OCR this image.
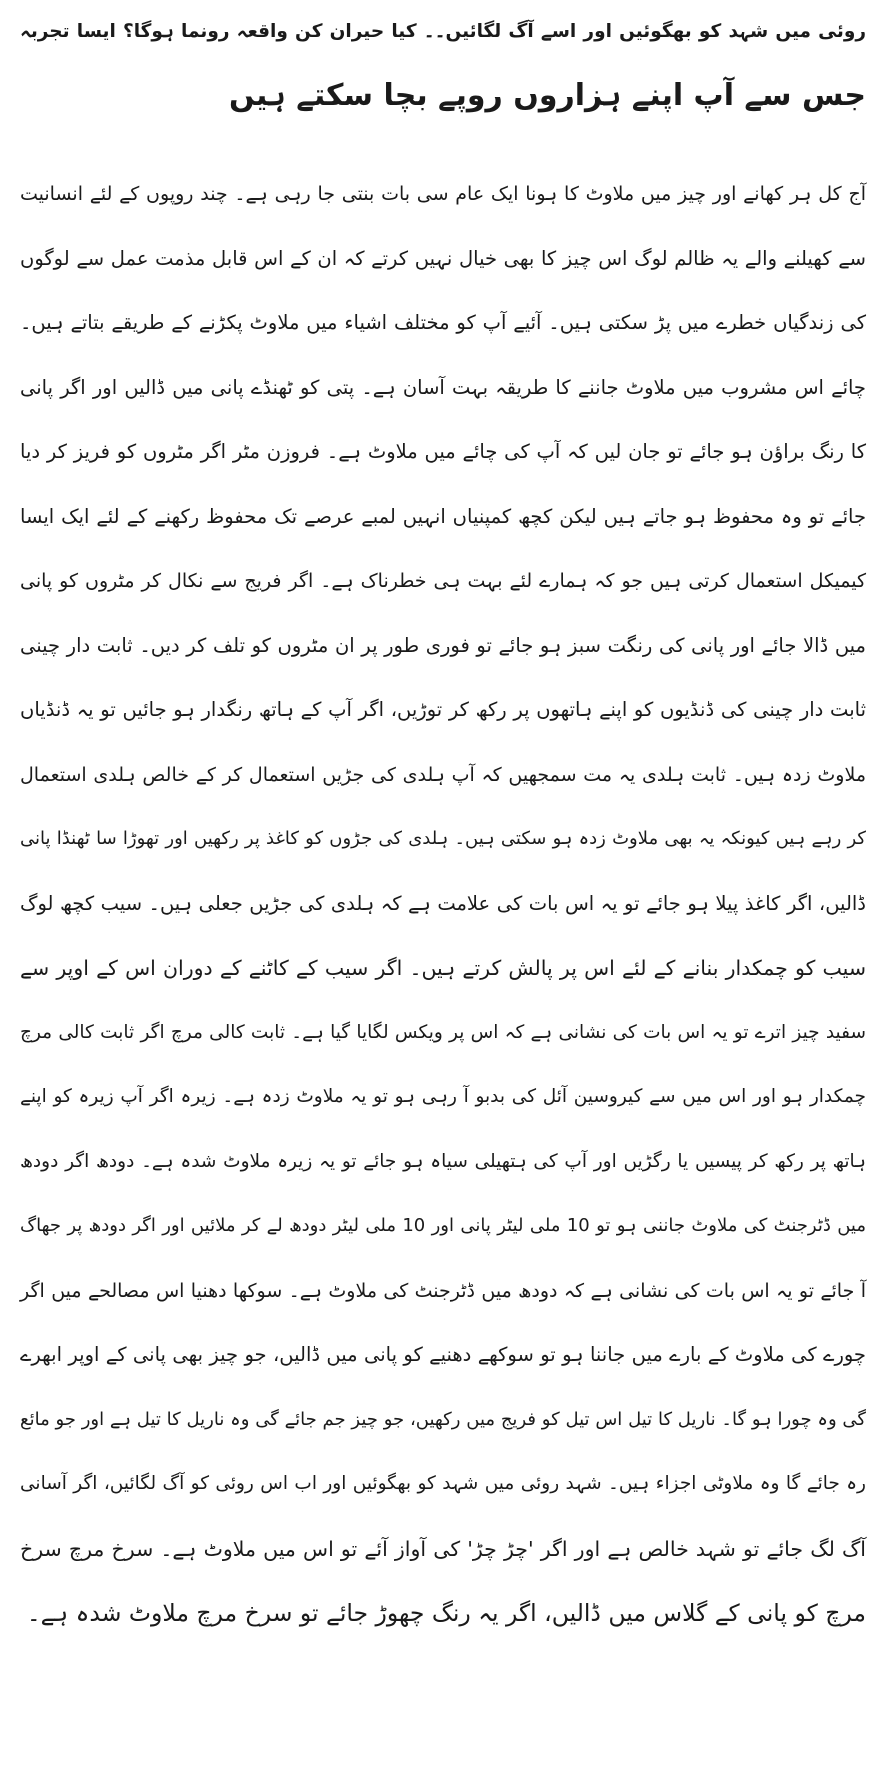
روئی میں شہد کو بھگوئیں اور اسے آگ لگائیں۔۔ کیا حیران کن واقعہ رونما ہوگا؟ ایسا تجربہ
جس سے آپ اپنے ہزاروں روپے بچا سکتے ہیں
آج کل ہر کھانے اور چیز میں ملاوٹ کا ہونا ایک عام سی بات بنتی جا رہی ہے۔ چند روپوں کے لئے انسانیت
سے کھیلنے والے یہ ظالم لوگ اس چیز کا بھی خیال نہیں کرتے کہ ان کے اس قابل مذمت عمل سے لوگوں
کی زندگیاں خطرے میں پڑ سکتی ہیں۔ آئیے آپ کو مختلف اشیاء میں ملاوٹ پکڑنے کے طریقے بتاتے ہیں۔
چائے اس مشروب میں ملاوٹ جاننے کا طریقہ بہت آسان ہے۔ پتی کو ٹھنڈے پانی میں ڈالیں اور اگر پانی
کا رنگ براؤن ہو جائے تو جان لیں کہ آپ کی چائے میں ملاوٹ ہے۔ فروزن مٹر اگر مٹروں کو فریز کر دیا
جائے تو وہ محفوظ ہو جاتے ہیں لیکن کچھ کمپنیاں انہیں لمبے عرصے تک محفوظ رکھنے کے لئے ایک ایسا
کیمیکل استعمال کرتی ہیں جو کہ ہمارے لئے بہت ہی خطرناک ہے۔ اگر فریج سے نکال کر مٹروں کو پانی
میں ڈالا جائے اور پانی کی رنگت سبز ہو جائے تو فوری طور پر ان مٹروں کو تلف کر دیں۔ ثابت دار چینی
ثابت دار چینی کی ڈنڈیوں کو اپنے ہاتھوں پر رکھ کر توڑیں، اگر آپ کے ہاتھ رنگدار ہو جائیں تو یہ ڈنڈیاں
ملاوٹ زدہ ہیں۔ ثابت ہلدی یہ مت سمجھیں کہ آپ ہلدی کی جڑیں استعمال کر کے خالص ہلدی استعمال
کر رہے ہیں کیونکہ یہ بھی ملاوٹ زدہ ہو سکتی ہیں۔ ہلدی کی جڑوں کو کاغذ پر رکھیں اور تھوڑا سا ٹھنڈا پانی
ڈالیں، اگر کاغذ پیلا ہو جائے تو یہ اس بات کی علامت ہے کہ ہلدی کی جڑیں جعلی ہیں۔ سیب کچھ لوگ
سیب کو چمکدار بنانے کے لئے اس پر پالش کرتے ہیں۔ اگر سیب کے کاٹنے کے دوران اس کے اوپر سے
سفید چیز اترے تو یہ اس بات کی نشانی ہے کہ اس پر ویکس لگایا گیا ہے۔ ثابت کالی مرچ اگر ثابت کالی مرچ
چمکدار ہو اور اس میں سے کیروسین آئل کی بدبو آ رہی ہو تو یہ ملاوٹ زدہ ہے۔ زیرہ اگر آپ زیرہ کو اپنے
ہاتھ پر رکھ کر پیسیں یا رگڑیں اور آپ کی ہتھیلی سیاہ ہو جائے تو یہ زیرہ ملاوٹ شدہ ہے۔ دودھ اگر دودھ
میں ڈٹرجنٹ کی ملاوٹ جاننی ہو تو 10 ملی لیٹر پانی اور 10 ملی لیٹر دودھ لے کر ملائیں اور اگر دودھ پر جھاگ
آ جائے تو یہ اس بات کی نشانی ہے کہ دودھ میں ڈٹرجنٹ کی ملاوٹ ہے۔ سوکھا دھنیا اس مصالحے میں اگر
چورے کی ملاوٹ کے بارے میں جاننا ہو تو سوکھے دھنیے کو پانی میں ڈالیں، جو چیز بھی پانی کے اوپر ابھرے
گی وہ چورا ہو گا۔ ناریل کا تیل اس تیل کو فریج میں رکھیں، جو چیز جم جائے گی وہ ناریل کا تیل ہے اور جو مائع
رہ جائے گا وہ ملاوٹی اجزاء ہیں۔ شہد روئی میں شہد کو بھگوئیں اور اب اس روئی کو آگ لگائیں، اگر آسانی
آگ لگ جائے تو شہد خالص ہے اور اگر 'چڑ چڑ' کی آواز آئے تو اس میں ملاوٹ ہے۔ سرخ مرچ سرخ
مرچ کو پانی کے گلاس میں ڈالیں، اگر یہ رنگ چھوڑ جائے تو سرخ مرچ ملاوٹ شدہ ہے۔
